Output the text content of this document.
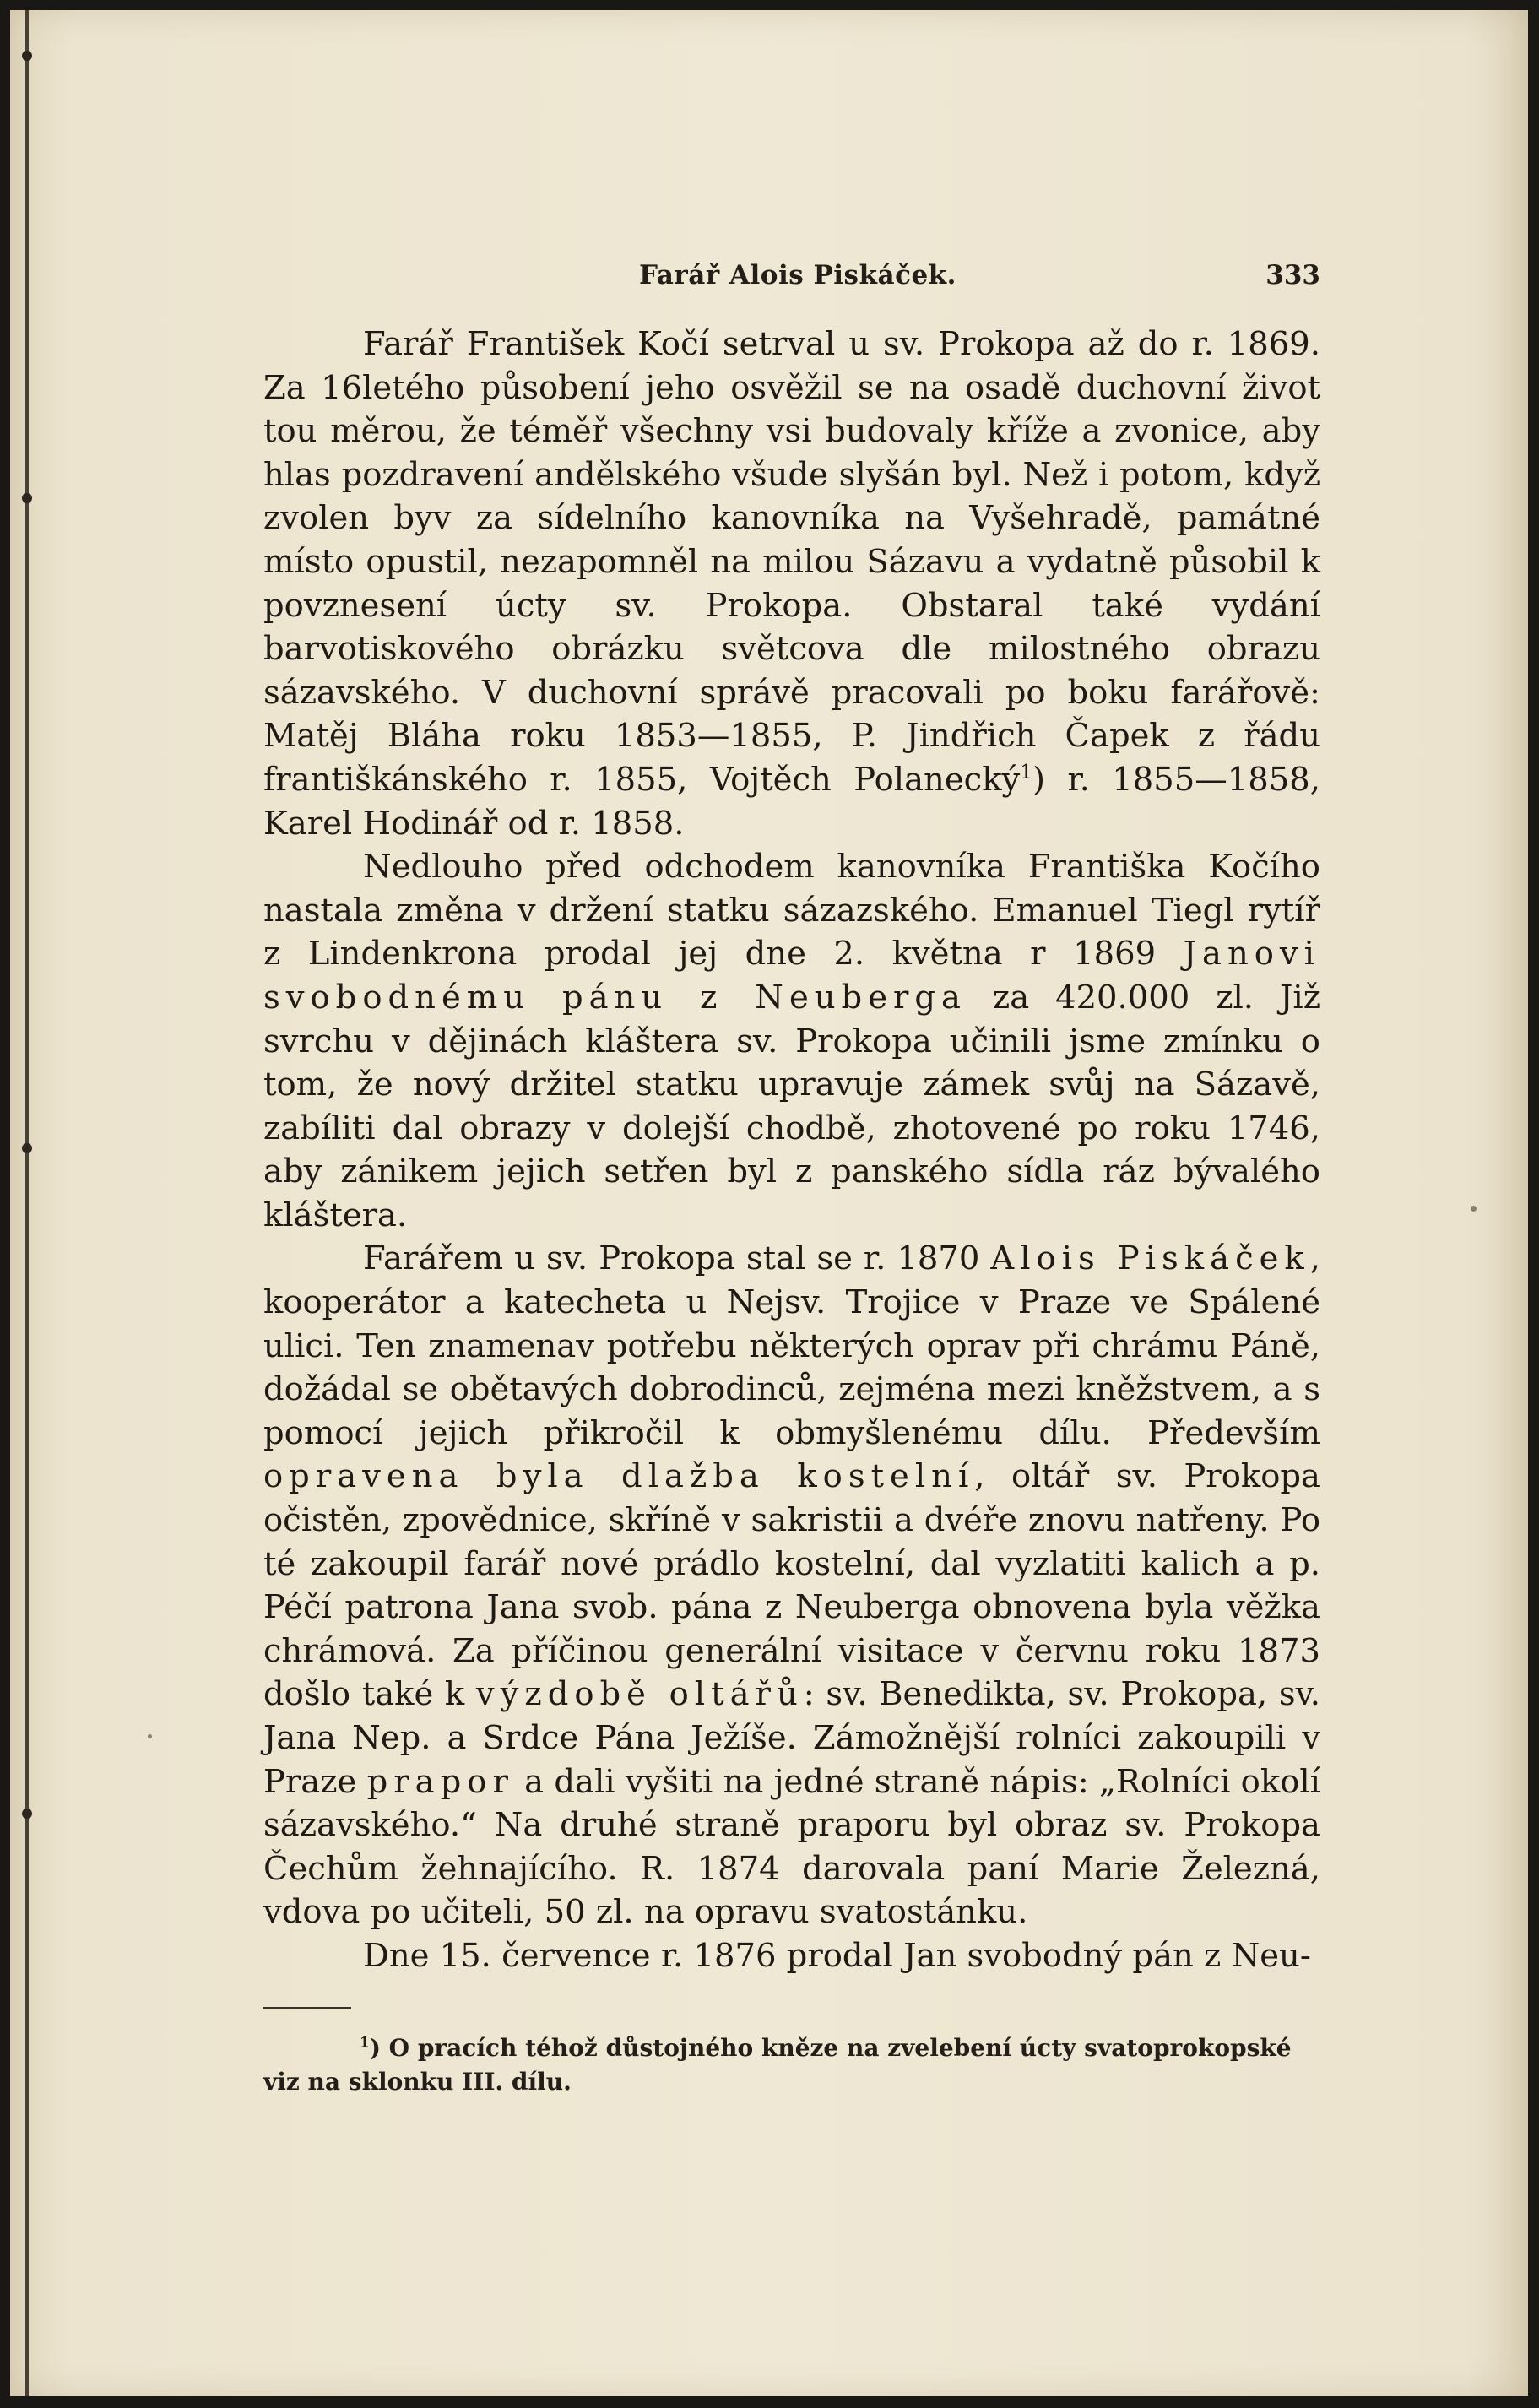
Farář Alois Piskáček.	333

Farář František Kočí setrval u sv. Prokopa až do r. 1869. Za 16letého působení jeho osvěžil se na osadě duchovní život tou měrou, že téměř všechny vsi budovaly kříže a zvonice, aby hlas pozdravení andělského všude slyšán byl. Než i potom, když zvolen byv za sídelního kanovníka na Vyšehradě, památné místo opustil, nezapomněl na milou Sázavu a vydatně působil k povznesení úcty sv. Prokopa. Obstaral také vydání barvotiskového obrázku světcova dle milostného obrazu sázavského. V duchovní správě pracovali po boku farářově: Matěj Bláha roku 1853—1855, P. Jindřich Čapek z řádu františkánského r. 1855, Vojtěch Polanecký$^1$) r. 1855—1858, Karel Hodinář od r. 1858.

Nedlouho před odchodem kanovníka Františka Kočího nastala změna v držení statku sázazského. Emanuel Tiegl rytíř z Lindenkrona prodal jej dne 2. května r 1869 Janovi svobodnému pánu z Neuberga za 420.000 zl. Již svrchu v dějinách kláštera sv. Prokopa učinili jsme zmínku o tom, že nový držitel statku upravuje zámek svůj na Sázavě, zabíliti dal obrazy v dolejší chodbě, zhotovené po roku 1746, aby zánikem jejich setřen byl z panského sídla ráz bývalého kláštera.

Farářem u sv. Prokopa stal se r. 1870 Alois Piskáček, kooperátor a katecheta u Nejsv. Trojice v Praze ve Spálené ulici. Ten znamenav potřebu některých oprav při chrámu Páně, dožádal se obětavých dobrodinců, zejména mezi kněžstvem, a s pomocí jejich přikročil k obmyšlenému dílu. Především opravena byla dlažba kostelní, oltář sv. Prokopa očistěn, zpovědnice, skříně v sakristii a dvéře znovu natřeny. Po té zakoupil farář nové prádlo kostelní, dal vyzlatiti kalich a p. Péčí patrona Jana svob. pána z Neuberga obnovena byla věžka chrámová. Za příčinou generální visitace v červnu roku 1873 došlo také k výzdobě oltářů: sv. Benedikta, sv. Prokopa, sv. Jana Nep. a Srdce Pána Ježíše. Zámožnější rolníci zakoupili v Praze prapor a dali vyšiti na jedné straně nápis: „Rolníci okolí sázavského.“ Na druhé straně praporu byl obraz sv. Prokopa Čechům žehnajícího. R. 1874 darovala paní Marie Železná, vdova po učiteli, 50 zl. na opravu svatostánku.

Dne 15. července r. 1876 prodal Jan svobodný pán z Neu-

$^1$) O pracích téhož důstojného kněze na zvelebení úcty svatoprokopské viz na sklonku III. dílu.
